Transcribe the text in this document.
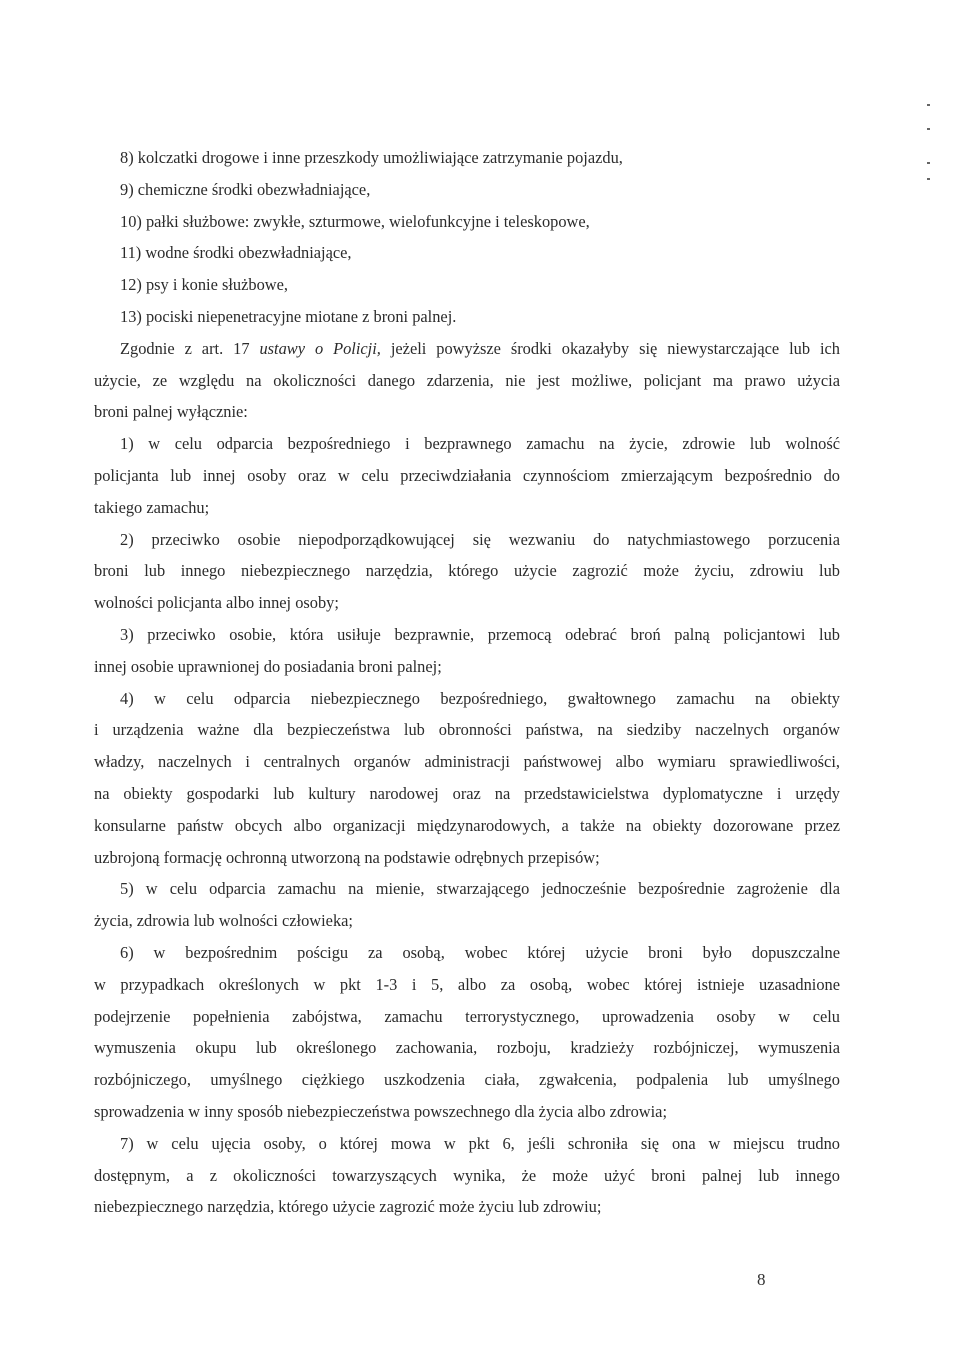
8) kolczatki drogowe i inne przeszkody umożliwiające zatrzymanie pojazdu,
9) chemiczne środki obezwładniające,
10) pałki służbowe: zwykłe, szturmowe, wielofunkcyjne i teleskopowe,
11) wodne środki obezwładniające,
12) psy i konie służbowe,
13) pociski niepenetracyjne miotane z broni palnej.
Zgodnie z art. 17 ustawy o Policji, jeżeli powyższe środki okazałyby się niewystarczające lub ich
użycie, ze względu na okoliczności danego zdarzenia, nie jest możliwe, policjant ma prawo użycia
broni palnej wyłącznie:
1) w celu odparcia bezpośredniego i bezprawnego zamachu na życie, zdrowie lub wolność
policjanta lub innej osoby oraz w celu przeciwdziałania czynnościom zmierzającym bezpośrednio do
takiego zamachu;
2) przeciwko osobie niepodporządkowującej się wezwaniu do natychmiastowego porzucenia
broni lub innego niebezpiecznego narzędzia, którego użycie zagrozić może życiu, zdrowiu lub
wolności policjanta albo innej osoby;
3) przeciwko osobie, która usiłuje bezprawnie, przemocą odebrać broń palną policjantowi lub
innej osobie uprawnionej do posiadania broni palnej;
4) w celu odparcia niebezpiecznego bezpośredniego, gwałtownego zamachu na obiekty
i urządzenia ważne dla bezpieczeństwa lub obronności państwa, na siedziby naczelnych organów
władzy, naczelnych i centralnych organów administracji państwowej albo wymiaru sprawiedliwości,
na obiekty gospodarki lub kultury narodowej oraz na przedstawicielstwa dyplomatyczne i urzędy
konsularne państw obcych albo organizacji międzynarodowych, a także na obiekty dozorowane przez
uzbrojoną formację ochronną utworzoną na podstawie odrębnych przepisów;
5) w celu odparcia zamachu na mienie, stwarzającego jednocześnie bezpośrednie zagrożenie dla
życia, zdrowia lub wolności człowieka;
6) w bezpośrednim pościgu za osobą, wobec której użycie broni było dopuszczalne
w przypadkach określonych w pkt 1-3 i 5, albo za osobą, wobec której istnieje uzasadnione
podejrzenie popełnienia zabójstwa, zamachu terrorystycznego, uprowadzenia osoby w celu
wymuszenia okupu lub określonego zachowania, rozboju, kradzieży rozbójniczej, wymuszenia
rozbójniczego, umyślnego ciężkiego uszkodzenia ciała, zgwałcenia, podpalenia lub umyślnego
sprowadzenia w inny sposób niebezpieczeństwa powszechnego dla życia albo zdrowia;
7) w celu ujęcia osoby, o której mowa w pkt 6, jeśli schroniła się ona w miejscu trudno
dostępnym, a z okoliczności towarzyszących wynika, że może użyć broni palnej lub innego
niebezpiecznego narzędzia, którego użycie zagrozić może życiu lub zdrowiu;
8
